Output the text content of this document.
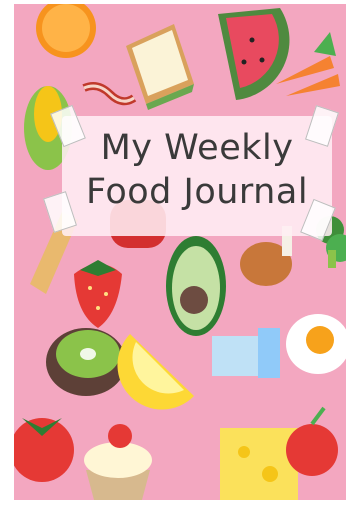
My Weekly
Food Journal
